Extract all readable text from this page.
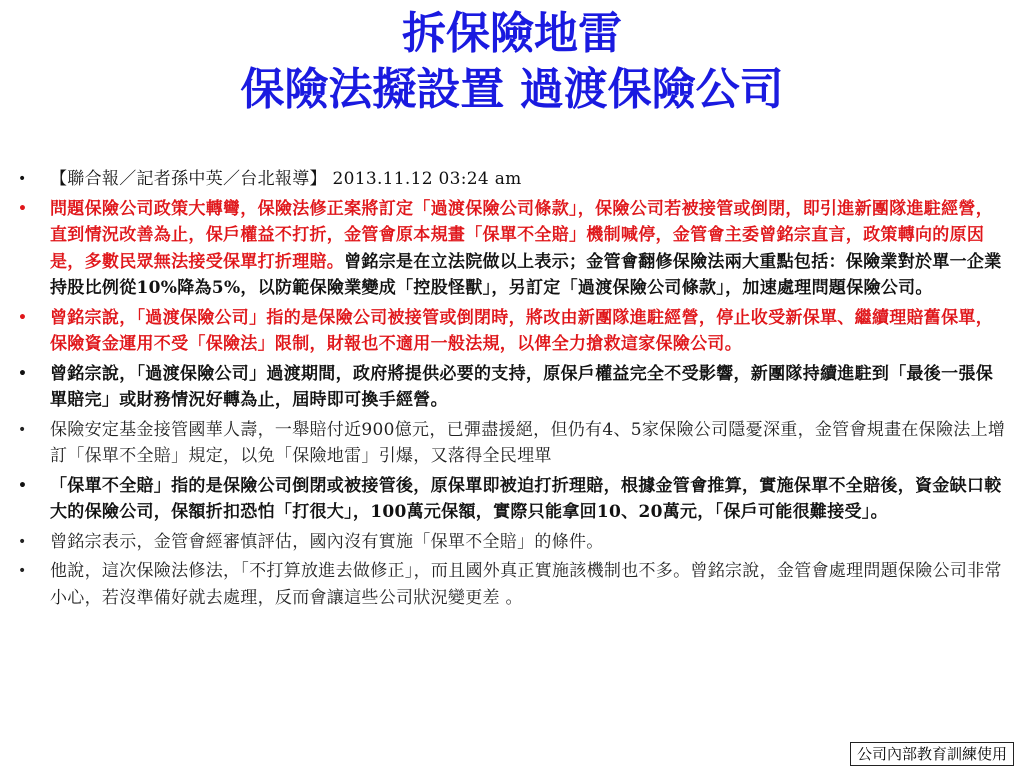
拆保險地雷
保險法擬設置 過渡保險公司
• 【聯合報／記者孫中英／台北報導】 2013.11.12 03:24 am
• 問題保險公司政策大轉彎，保險法修正案將訂定「過渡保險公司條款」，保險公司若被接管或倒閉，即引進新團隊進駐經營，直到情況改善為止，保戶權益不打折，金管會原本規畫「保單不全賠」機制喊停，金管會主委曾銘宗直言，政策轉向的原因是，多數民眾無法接受保單打折理賠。曾銘宗是在立法院做以上表示；金管會翻修保險法兩大重點包括：保險業對於單一企業持股比例從10%降為5%，以防範保險業變成「控股怪獸」，另訂定「過渡保險公司條款」，加速處理問題保險公司。
• 曾銘宗說，「過渡保險公司」指的是保險公司被接管或倒閉時，將改由新團隊進駐經營，停止收受新保單、繼續理賠舊保單，保險資金運用不受「保險法」限制，財報也不適用一般法規，以俾全力搶救這家保險公司。
• 曾銘宗說，「過渡保險公司」過渡期間，政府將提供必要的支持，原保戶權益完全不受影響，新團隊持續進駐到「最後一張保單賠完」或財務情況好轉為止，屆時即可換手經營。
• 保險安定基金接管國華人壽，一舉賠付近900億元，已彈盡援絕，但仍有4、5家保險公司隱憂深重，金管會規畫在保險法上增訂「保單不全賠」規定，以免「保險地雷」引爆，又落得全民埋單
• 「保單不全賠」指的是保險公司倒閉或被接管後，原保單即被迫打折理賠，根據金管會推算，實施保單不全賠後，資金缺口較大的保險公司，保額折扣恐怕「打很大」，100萬元保額，實際只能拿回10、20萬元，「保戶可能很難接受」。
• 曾銘宗表示，金管會經審慎評估，國內沒有實施「保單不全賠」的條件。
• 他說，這次保險法修法，「不打算放進去做修正」，而且國外真正實施該機制也不多。曾銘宗說，金管會處理問題保險公司非常小心，若沒準備好就去處理，反而會讓這些公司狀況變更差 。
公司內部教育訓練使用
